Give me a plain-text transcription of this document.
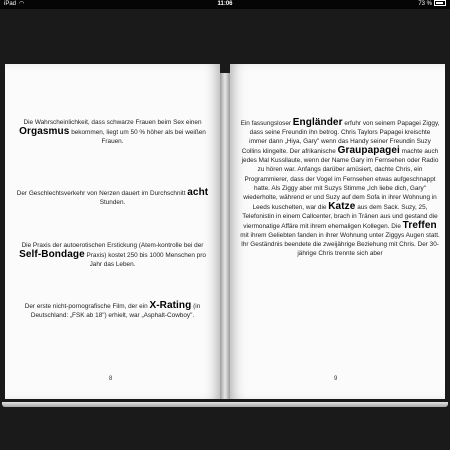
iPad ◠	11:06	73 %
Die Wahrscheinlichkeit, dass schwarze Frauen beim Sex einen Orgasmus bekommen, liegt um 50 % höher als bei weißen Frauen.
Der Geschlechtsverkehr von Nerzen dauert im Durchschnitt acht Stunden.
Die Praxis der autoerotischen Erstickung (Atem-kontrolle bei der Self-Bondage Praxis) kostet 250 bis 1000 Menschen pro Jahr das Leben.
Der erste nicht-pornografische Film, der ein X-Rating (in Deutschland: „FSK ab 18") erhielt, war „Asphalt-Cowboy".
8
Ein fassungsloser Engländer erfuhr von seinem Papagei Ziggy, dass seine Freundin ihn betrog. Chris Taylors Papagei kreischte immer dann „Hiya, Gary" wenn das Handy seiner Freundin Suzy Collins klingelte. Der afrikanische Graupapagei machte auch jedes Mal Kussllaute, wenn der Name Gary im Fernsehen oder Radio zu hören war. Anfangs darüber amüsiert, dachte Chris, ein Programmierer, dass der Vogel im Fernsehen etwas aufgeschnappt hatte. Als Ziggy aber mit Suzys Stimme „Ich liebe dich, Gary" wiederholte, während er und Suzy auf dem Sofa in ihrer Wohnung in Leeds kuschelten, war die Katze aus dem Sack. Suzy, 25, Telefonistin in einem Callcenter, brach in Tränen aus und gestand die viermonatige Affäre mit ihrem ehemaligen Kollegen. Die Treffen mit ihrem Geliebten fanden in ihrer Wohnung unter Ziggys Augen statt. Ihr Geständnis beendete die zweijährige Beziehung mit Chris. Der 30-jährige Chris trennte sich aber
9
